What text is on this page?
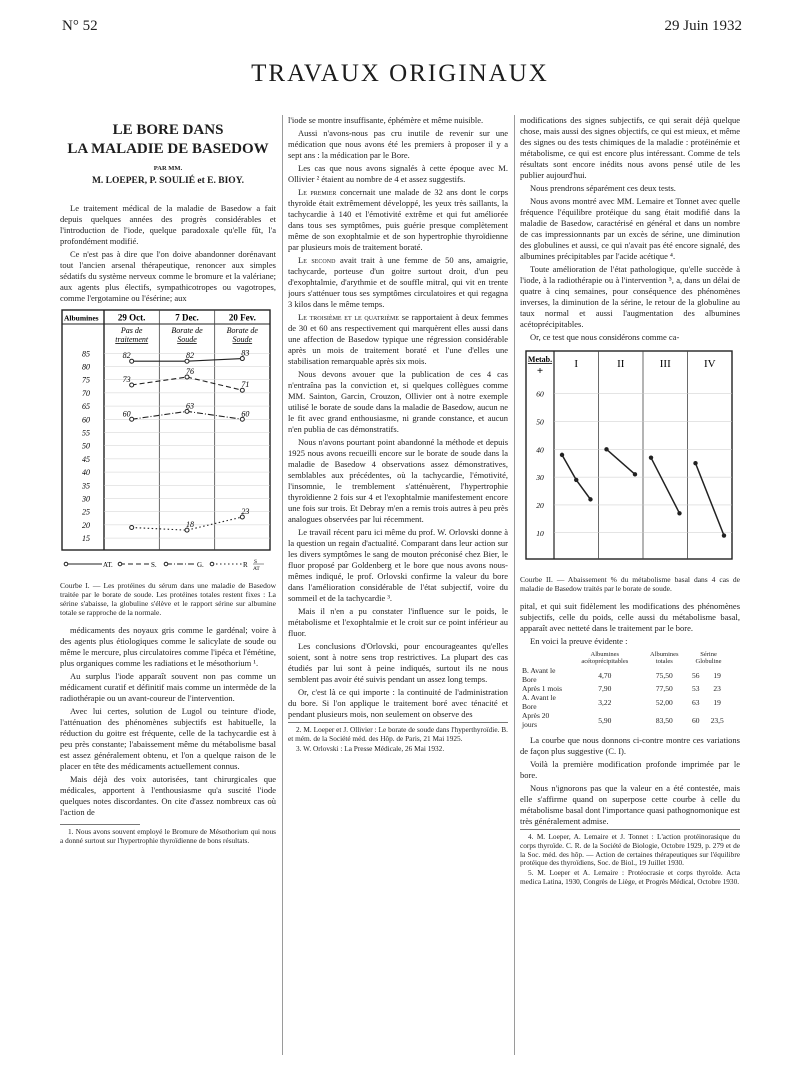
N° 52	29 Juin 1932
TRAVAUX ORIGINAUX
LE BORE DANS
LA MALADIE DE BASEDOW
PAR MM.
M. LOEPER, P. SOULIÉ et E. BIOY.

Le traitement médical de la maladie de Basedow a fait depuis quelques années des progrès considérables et l'introduction de l'iode, quelque paradoxale qu'elle fût, l'a profondément modifié.

Ce n'est pas à dire que l'on doive abandonner dorénavant tout l'ancien arsenal thérapeutique, renoncer aux simples sédatifs du système nerveux comme le bromure et la valériane; aux agents plus électifs, sympathicotropes ou vagotropes, comme l'ergotamine ou l'ésérine; aux

Albumines 29 Oct.
Pas de
traitement
7 Dec.
Borate de
Soude
20 Fev.
Borate de
Soude
85
80
75
70
65
60
55
50
45
40
35
30
25
20
15
82	82	83
73
76
71
60
63
60
18
23
AT.	S.	G.	R S
AT
Courbe I. — Les protéines du sérum dans une maladie de Basedow traitée par le borate de soude. Les protéines totales restent fixes : La sérine s'abaisse, la globuline s'élève et le rapport sérine sur albumine totale se rapproche de la normale.

médicaments des noyaux gris comme le gardénal; voire à des agents plus étiologiques comme le salicylate de soude ou même le mercure, plus circulatoires comme l'ipéca et l'émétine, plus organiques comme les radiations et le mésothorium ¹.

Au surplus l'iode apparaît souvent non pas comme un médicament curatif et définitif mais comme un intermède de la radiothérapie ou un avant-coureur de l'intervention.

Avec lui certes, solution de Lugol ou teinture d'iode, l'atténuation des phénomènes subjectifs est habituelle, la réduction du goitre est fréquente, celle de la tachycardie est à peu près constante; l'abaissement même du métabolisme basal est assez généralement obtenu, et l'on a quelque raison de le placer en tête des médicaments actuellement connus.

Mais déjà des voix autorisées, tant chirurgicales que médicales, apportent à l'enthousiasme qu'a suscité l'iode quelques notes discordantes. On cite d'assez nombreux cas où l'action de

1. Nous avons souvent employé le Bromure de Mésothorium qui nous a donné surtout sur l'hypertrophie thyroïdienne de bons résultats.

l'iode se montre insuffisante, éphémère et même nuisible.

Aussi n'avons-nous pas cru inutile de revenir sur une médication que nous avons été les premiers à proposer il y a sept ans : la médication par le Bore.

Les cas que nous avons signalés à cette époque avec M. Ollivier ² étaient au nombre de 4 et assez suggestifs.

Le premier concernait une malade de 32 ans dont le corps thyroïde était extrêmement développé, les yeux très saillants, la tachycardie à 140 et l'émotivité extrême et qui fut améliorée dans tous ses symptômes, puis guérie presque complètement même de son exophtalmie et de son hypertrophie thyroïdienne par plusieurs mois de traitement boraté.

Le second avait trait à une femme de 50 ans, amaigrie, tachycarde, porteuse d'un goitre surtout droit, d'un peu d'exophtalmie, d'arythmie et de souffle mitral, qui vit en trente jours s'atténuer tous ses symptômes circulatoires et qui regagna 3 kilos dans le même temps.

Le troisième et le quatrième se rapportaient à deux femmes de 30 et 60 ans respectivement qui marquèrent elles aussi dans une affection de Basedow typique une régression considérable après un mois de traitement boraté et l'une d'elles une stabilisation remarquable après six mois.

Nous devons avouer que la publication de ces 4 cas n'entraîna pas la conviction et, si quelques collègues comme MM. Sainton, Garcin, Crouzon, Ollivier ont à notre exemple utilisé le borate de soude dans la maladie de Basedow, aucun ne le fit avec grand enthousiasme, ni grande constance, et aucun n'en publia de cas démonstratifs.

Nous n'avons pourtant point abandonné la méthode et depuis 1925 nous avons recueilli encore sur le borate de soude dans la maladie de Basedow 4 observations assez démonstratives, semblables aux précédentes, où la tachycardie, l'émotivité, l'insomnie, le tremblement s'atténuèrent, l'hypertrophie thyroïdienne 2 fois sur 4 et l'exophtalmie manifestement encore une fois sur trois. Et Debray m'en a remis trois autres à peu près analogues observées par lui récemment.

Le travail récent paru ici même du prof. W. Orlovski donne à la question un regain d'actualité. Comparant dans leur action sur les divers symptômes le sang de mouton préconisé chez Bier, le fluor proposé par Goldenberg et le bore que nous avons nous-mêmes indiqué, le prof. Orlovski confirme la valeur du bore dans l'amélioration considérable de l'état subjectif, voire du sommeil et de la tachycardie ³.

Mais il n'en a pu constater l'influence sur le poids, le métabolisme et l'exophtalmie et le croit sur ce point inférieur au fluor.

Les conclusions d'Orlovski, pour encourageantes qu'elles soient, sont à notre sens trop restrictives. La plupart des cas étudiés par lui sont à peine indiqués, surtout ils ne nous semblent pas avoir été suivis pendant un assez long temps.

Or, c'est là ce qui importe : la continuité de l'administration du bore. Si l'on applique le traitement boré avec ténacité et pendant plusieurs mois, non seulement on observe des

2. M. Loeper et J. Ollivier : Le borate de soude dans l'hyperthyroïdie. B. et mém. de la Société méd. des Hôp. de Paris, 21 Mai 1925.
3. W. Orlovski : La Presse Médicale, 26 Mai 1932.

modifications des signes subjectifs, ce qui serait déjà quelque chose, mais aussi des signes objectifs, ce qui est mieux, et même des signes ou des tests chimiques de la maladie : protéinémie et métabolisme, ce qui est encore plus intéressant. Comme de tels résultats sont encore inédits nous avons pensé utile de les publier aujourd'hui.

Nous prendrons séparément ces deux tests.

Nous avons montré avec MM. Lemaire et Tonnet avec quelle fréquence l'équilibre protéique du sang était modifié dans la maladie de Basedow, caractérisé en général et dans un nombre de cas impressionnants par un excès de sérine, une diminution des globulines et aussi, ce qui n'avait pas été encore signalé, des albumines précipitables par l'acide acétique ⁴.

Toute amélioration de l'état pathologique, qu'elle succède à l'iode, à la radiothérapie ou à l'intervention ⁵, a, dans un délai de quatre à cinq semaines, pour conséquence des phénomènes inverses, la diminution de la sérine, le retour de la globuline au taux normal et aussi l'augmentation des albumines acétoprécipitables.

Or, ce test que nous considérons comme ca-

Metab.
+
I	II	III	IV
60
50
40
30
20
10
Courbe II. — Abaissement % du métabolisme basal dans 4 cas de maladie de Basedow traités par le borate de soude.

pital, et qui suit fidèlement les modifications des phénomènes subjectifs, celle du poids, celle aussi du métabolisme basal, apparaît avec netteté dans le traitement par le bore.

En voici la preuve évidente :

	Albumines acétoprécipitables	Albumines totales	Sérine Globuline	
B. Avant le Bore	4,70	75,50	56	19
Après 1 mois	7,90	77,50	53	23
A. Avant le Bore	3,22	52,00	63	19
Après 20 jours	5,90	83,50	60	23,5

La courbe que nous donnons ci-contre montre ces variations de façon plus suggestive (C. I).

Voilà la première modification profonde imprimée par le bore.

Nous n'ignorons pas que la valeur en a été contestée, mais elle s'affirme quand on superpose cette courbe à celle du métabolisme basal dont l'importance quasi pathognomonique est très généralement admise.

4. M. Loeper, A. Lemaire et J. Tonnet : L'action protéinorasique du corps thyroïde. C. R. de la Société de Biologie, Octobre 1929, p. 279 et de la Soc. méd. des hôp. — Action de certaines thérapeutiques sur l'équilibre protéique des thyroïdiens, Soc. de Biol., 19 Juillet 1930.
5. M. Loeper et A. Lemaire : Protéocrasie et corps thyroïde. Acta medica Latina, 1930, Congrès de Liège, et Progrès Médical, Octobre 1930.
